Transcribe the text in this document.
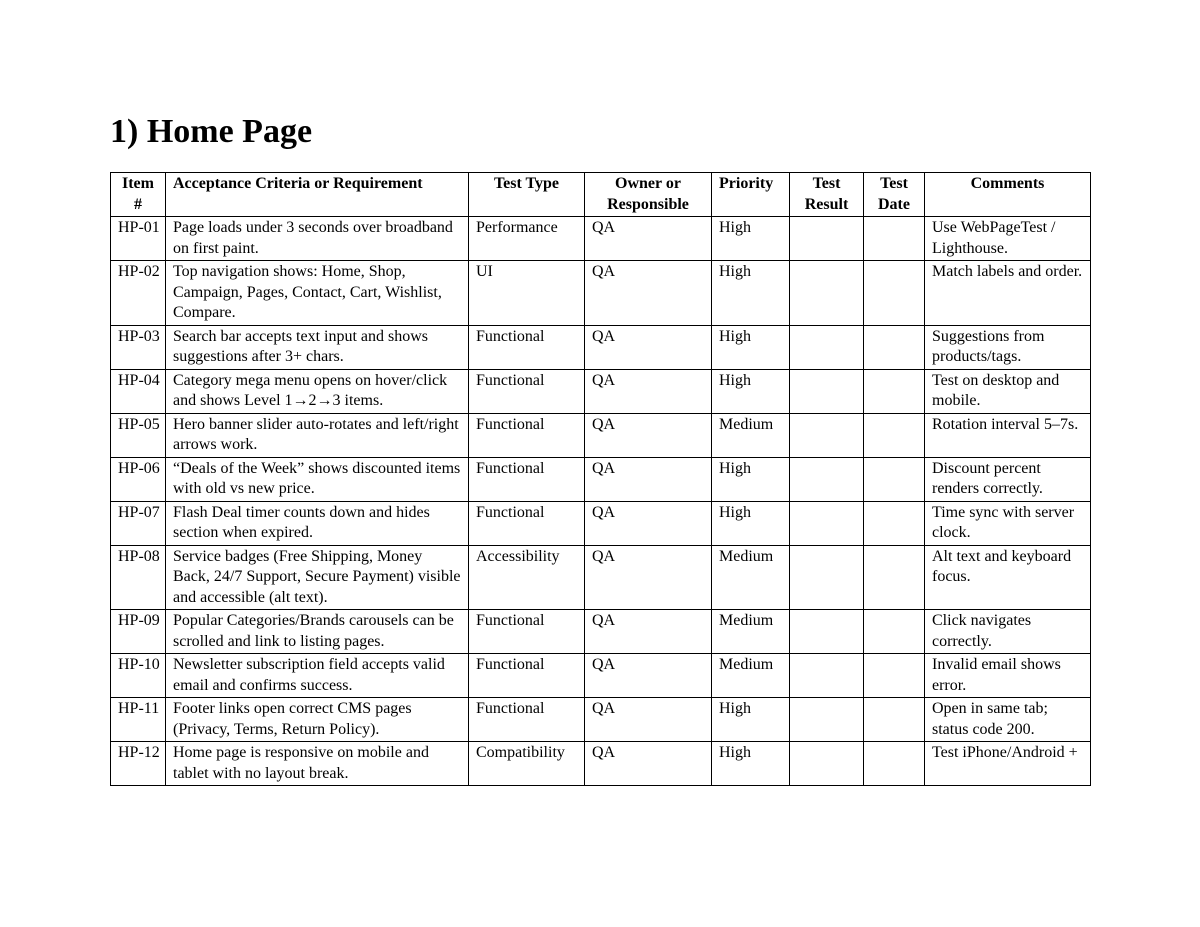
1) Home Page
Item #	Acceptance Criteria or Requirement	Test Type	Owner or Responsible	Priority	Test Result	Test Date	Comments
HP-01	Page loads under 3 seconds over broadband on first paint.	Performance	QA	High			Use WebPageTest / Lighthouse.
HP-02	Top navigation shows: Home, Shop, Campaign, Pages, Contact, Cart, Wishlist, Compare.	UI	QA	High			Match labels and order.
HP-03	Search bar accepts text input and shows suggestions after 3+ chars.	Functional	QA	High			Suggestions from products/tags.
HP-04	Category mega menu opens on hover/click and shows Level 1→2→3 items.	Functional	QA	High			Test on desktop and mobile.
HP-05	Hero banner slider auto-rotates and left/right arrows work.	Functional	QA	Medium			Rotation interval 5–7s.
HP-06	“Deals of the Week” shows discounted items with old vs new price.	Functional	QA	High			Discount percent renders correctly.
HP-07	Flash Deal timer counts down and hides section when expired.	Functional	QA	High			Time sync with server clock.
HP-08	Service badges (Free Shipping, Money Back, 24/7 Support, Secure Payment) visible and accessible (alt text).	Accessibility	QA	Medium			Alt text and keyboard focus.
HP-09	Popular Categories/Brands carousels can be scrolled and link to listing pages.	Functional	QA	Medium			Click navigates correctly.
HP-10	Newsletter subscription field accepts valid email and confirms success.	Functional	QA	Medium			Invalid email shows error.
HP-11	Footer links open correct CMS pages (Privacy, Terms, Return Policy).	Functional	QA	High			Open in same tab; status code 200.
HP-12	Home page is responsive on mobile and tablet with no layout break.	Compatibility	QA	High			Test iPhone/Android +
